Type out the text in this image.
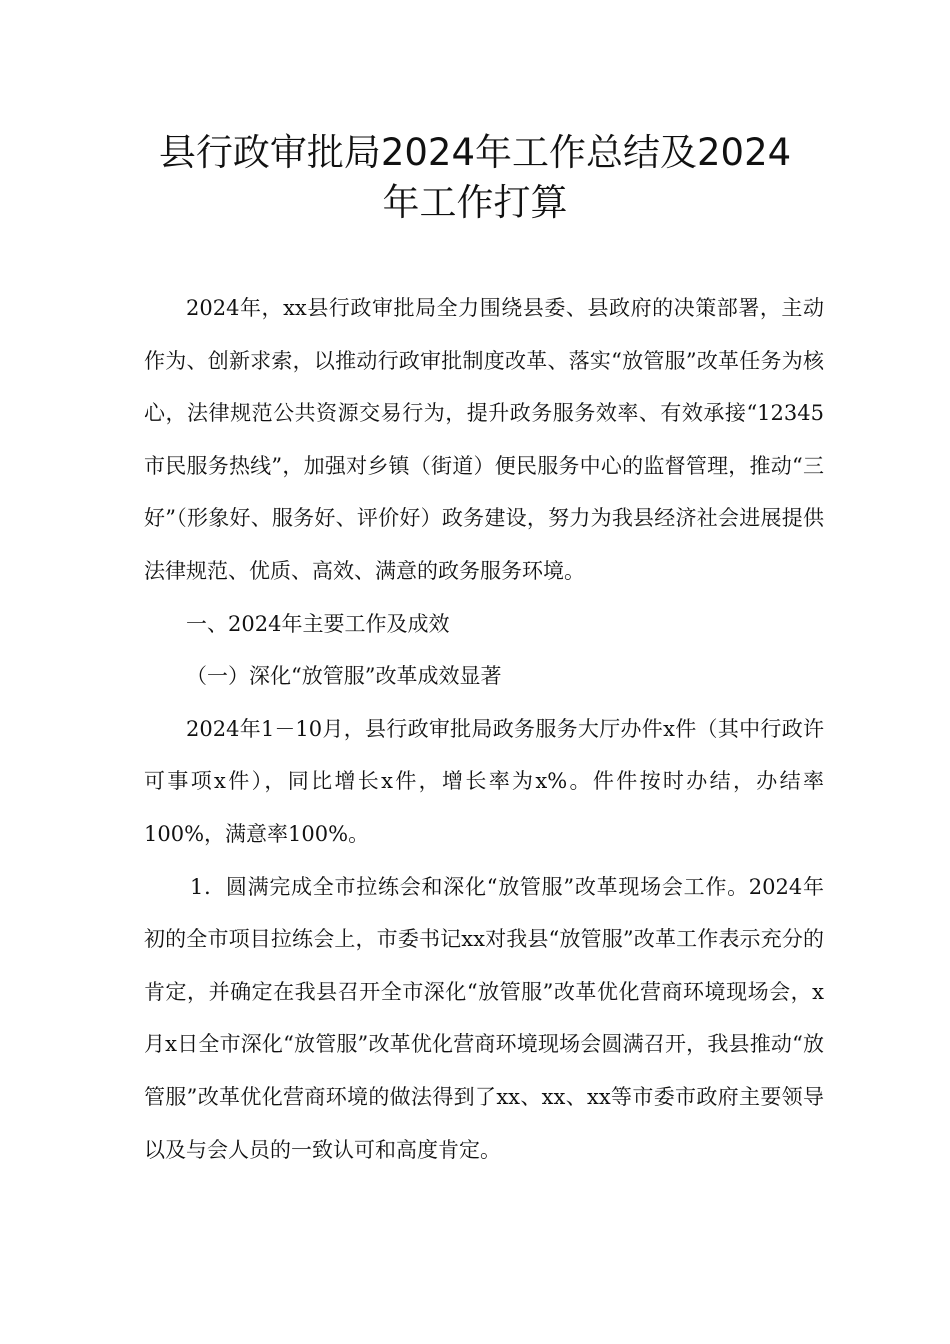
县行政审批局2024年工作总结及2024
年工作打算

2024年，xx县行政审批局全力围绕县委、县政府的决策部署，主动作为、创新求索，以推动行政审批制度改革、落实“放管服”改革任务为核心，法律规范公共资源交易行为，提升政务服务效率、有效承接“12345市民服务热线”，加强对乡镇（街道）便民服务中心的监督管理，推动“三好”（形象好、服务好、评价好）政务建设，努力为我县经济社会进展提供法律规范、优质、高效、满意的政务服务环境。

一、2024年主要工作及成效

（一）深化“放管服”改革成效显著

2024年1－10月，县行政审批局政务服务大厅办件x件（其中行政许可事项x件），同比增长x件，增长率为x%。件件按时办结，办结率100%，满意率100%。

1．圆满完成全市拉练会和深化“放管服”改革现场会工作。2024年初的全市项目拉练会上，市委书记xx对我县“放管服”改革工作表示充分的肯定，并确定在我县召开全市深化“放管服”改革优化营商环境现场会，x月x日全市深化“放管服”改革优化营商环境现场会圆满召开，我县推动“放管服”改革优化营商环境的做法得到了xx、xx、xx等市委市政府主要领导以及与会人员的一致认可和高度肯定。
